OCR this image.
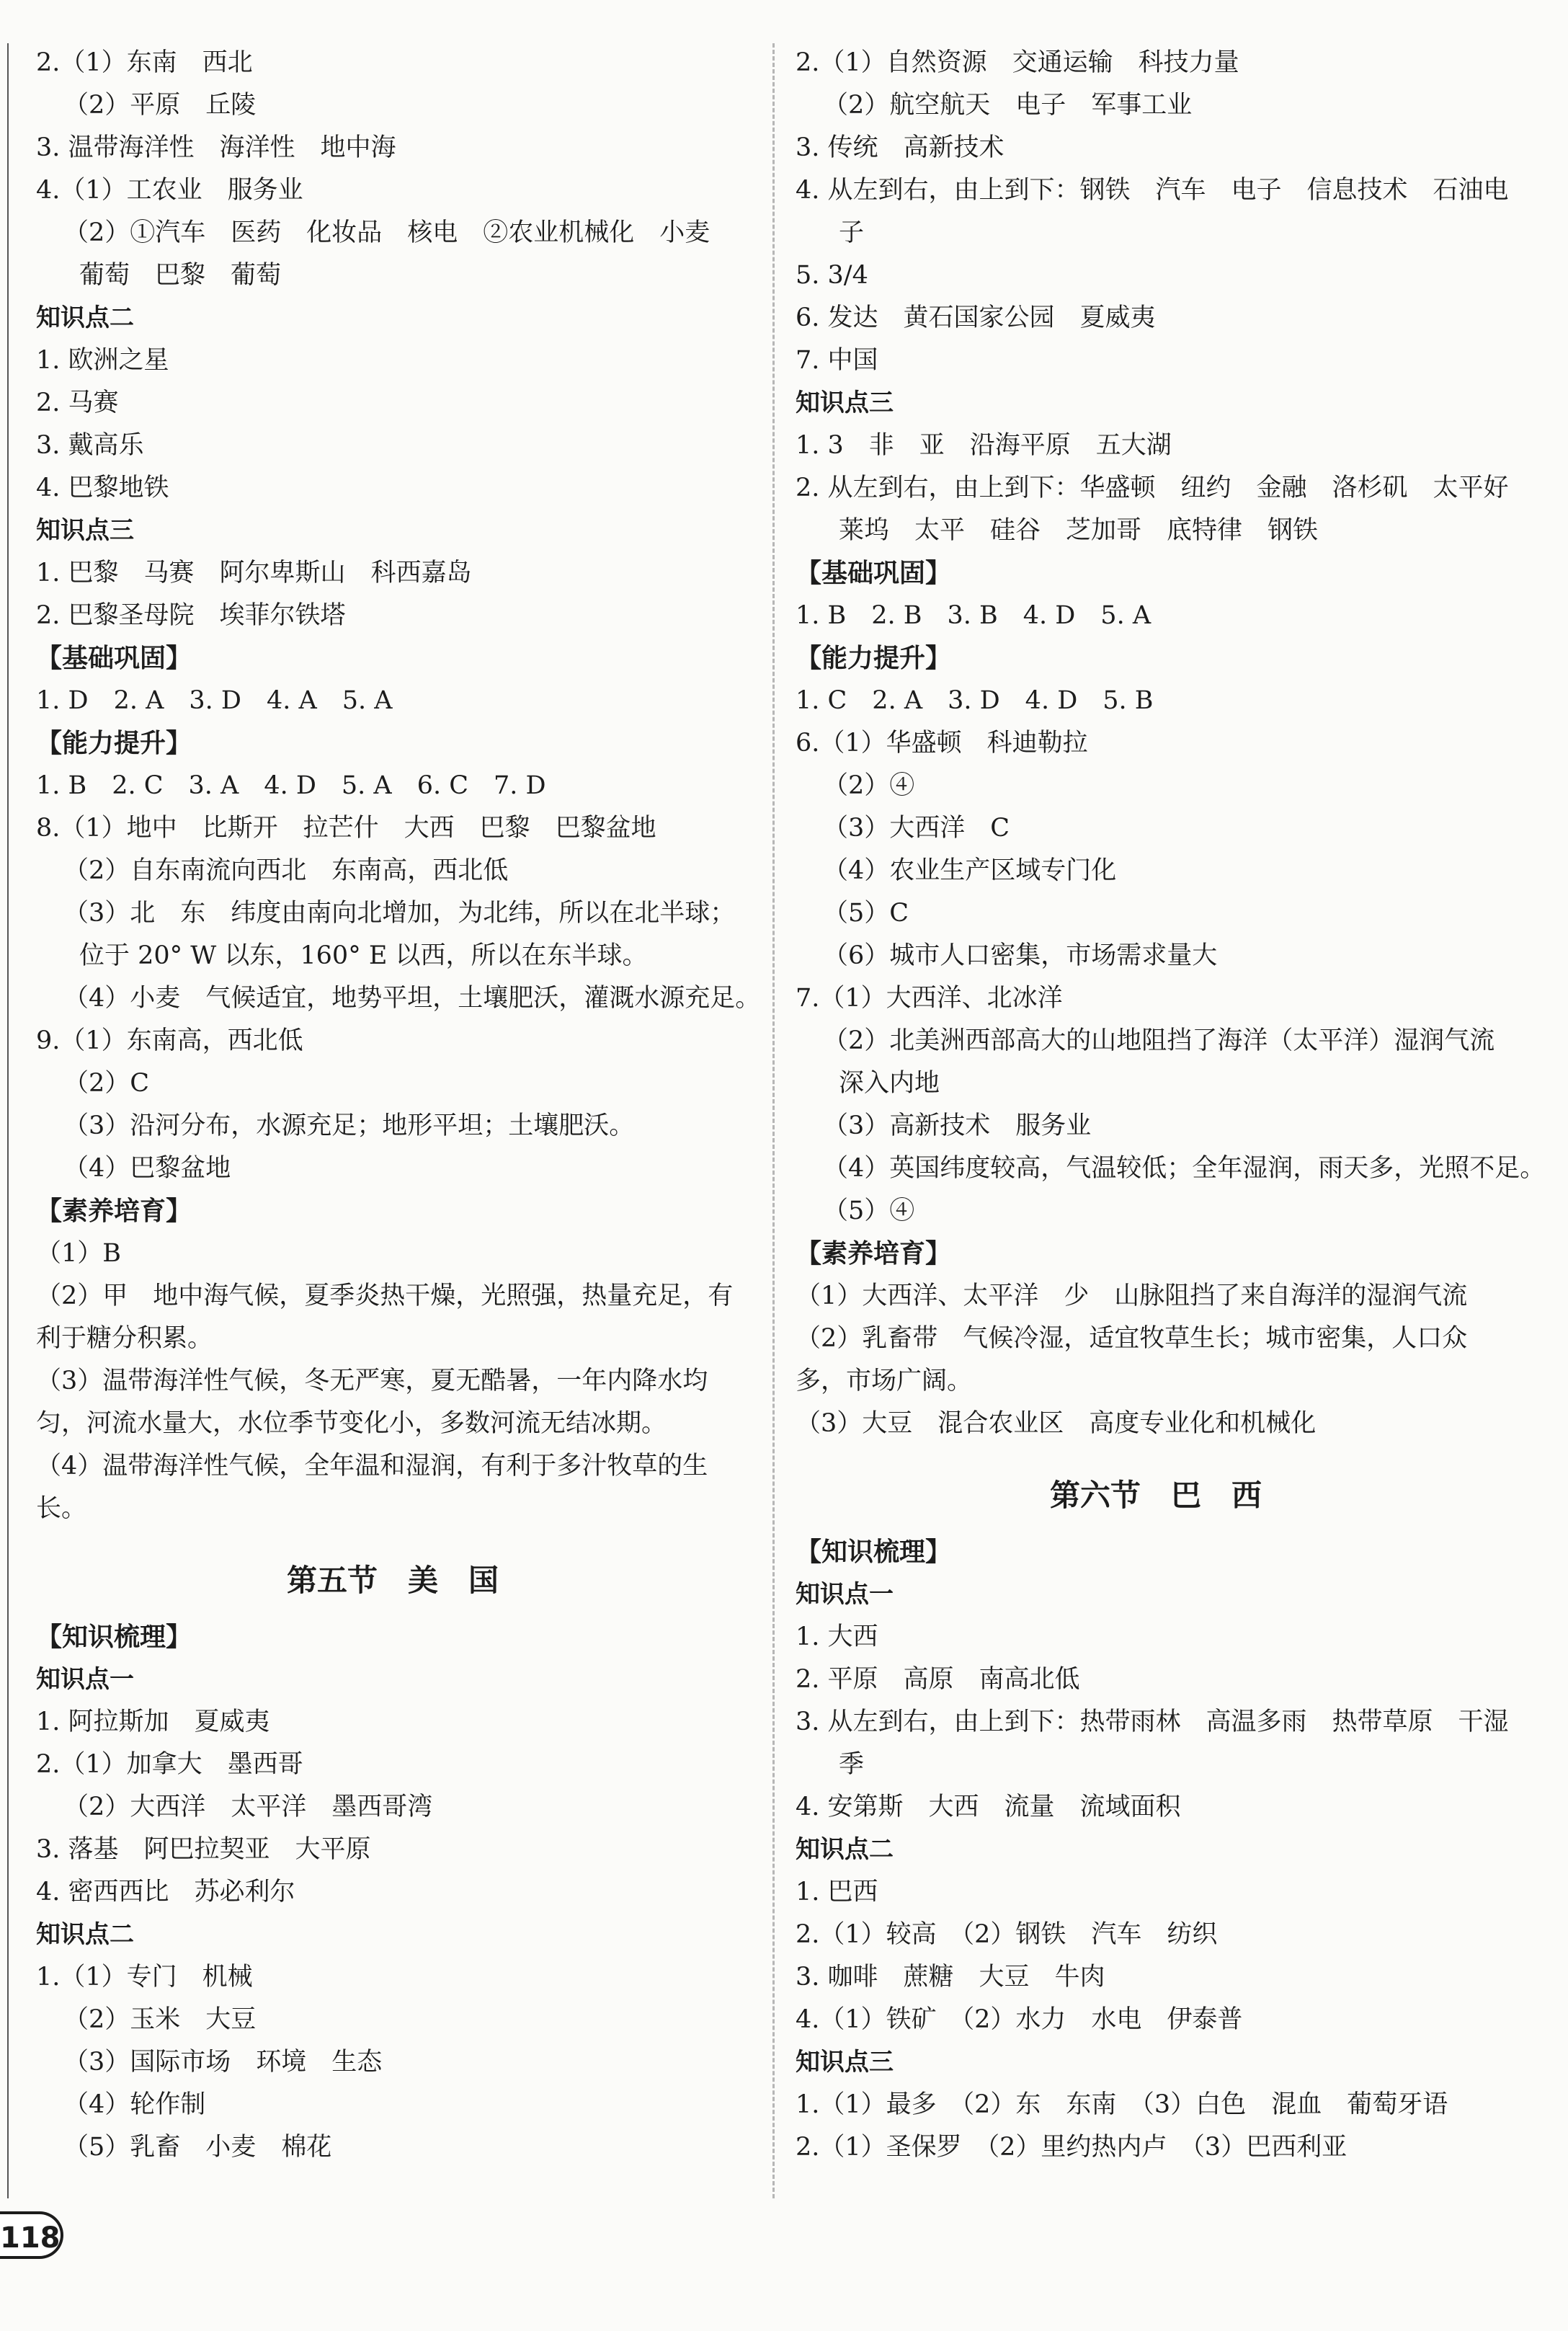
2.（1）东南　西北
（2）平原　丘陵
3. 温带海洋性　海洋性　地中海
4.（1）工农业　服务业
（2）①汽车　医药　化妆品　核电　②农业机械化　小麦
葡萄　巴黎　葡萄
知识点二
1. 欧洲之星
2. 马赛
3. 戴高乐
4. 巴黎地铁
知识点三
1. 巴黎　马赛　阿尔卑斯山　科西嘉岛
2. 巴黎圣母院　埃菲尔铁塔
【基础巩固】
1. D　2. A　3. D　4. A　5. A
【能力提升】
1. B　2. C　3. A　4. D　5. A　6. C　7. D
8.（1）地中　比斯开　拉芒什　大西　巴黎　巴黎盆地
（2）自东南流向西北　东南高，西北低
（3）北　东　纬度由南向北增加，为北纬，所以在北半球；位于 20° W 以东，160° E 以西，所以在东半球。
（4）小麦　气候适宜，地势平坦，土壤肥沃，灌溉水源充足。
9.（1）东南高，西北低
（2）C
（3）沿河分布，水源充足；地形平坦；土壤肥沃。
（4）巴黎盆地
【素养培育】
（1）B
（2）甲　地中海气候，夏季炎热干燥，光照强，热量充足，有利于糖分积累。
（3）温带海洋性气候，冬无严寒，夏无酷暑，一年内降水均匀，河流水量大，水位季节变化小，多数河流无结冰期。
（4）温带海洋性气候，全年温和湿润，有利于多汁牧草的生长。
第五节　美　国
【知识梳理】
知识点一
1. 阿拉斯加　夏威夷
2.（1）加拿大　墨西哥
（2）大西洋　太平洋　墨西哥湾
3. 落基　阿巴拉契亚　大平原
4. 密西西比　苏必利尔
知识点二
1.（1）专门　机械
（2）玉米　大豆
（3）国际市场　环境　生态
（4）轮作制
（5）乳畜　小麦　棉花
2.（1）自然资源　交通运输　科技力量
（2）航空航天　电子　军事工业
3. 传统　高新技术
4. 从左到右，由上到下：钢铁　汽车　电子　信息技术　石油电子
5. 3/4
6. 发达　黄石国家公园　夏威夷
7. 中国
知识点三
1. 3　非　亚　沿海平原　五大湖
2. 从左到右，由上到下：华盛顿　纽约　金融　洛杉矶　太平好莱坞　太平　硅谷　芝加哥　底特律　钢铁
【基础巩固】
1. B　2. B　3. B　4. D　5. A
【能力提升】
1. C　2. A　3. D　4. D　5. B
6.（1）华盛顿　科迪勒拉
（2）④
（3）大西洋　C
（4）农业生产区域专门化
（5）C
（6）城市人口密集，市场需求量大
7.（1）大西洋、北冰洋
（2）北美洲西部高大的山地阻挡了海洋（太平洋）湿润气流深入内地
（3）高新技术　服务业
（4）英国纬度较高，气温较低；全年湿润，雨天多，光照不足。
（5）④
【素养培育】
（1）大西洋、太平洋　少　山脉阻挡了来自海洋的湿润气流
（2）乳畜带　气候冷湿，适宜牧草生长；城市密集，人口众多，市场广阔。
（3）大豆　混合农业区　高度专业化和机械化
第六节　巴　西
【知识梳理】
知识点一
1. 大西
2. 平原　高原　南高北低
3. 从左到右，由上到下：热带雨林　高温多雨　热带草原　干湿季
4. 安第斯　大西　流量　流域面积
知识点二
1. 巴西
2.（1）较高　（2）钢铁　汽车　纺织
3. 咖啡　蔗糖　大豆　牛肉
4.（1）铁矿　（2）水力　水电　伊泰普
知识点三
1.（1）最多　（2）东　东南　（3）白色　混血　葡萄牙语
2.（1）圣保罗　（2）里约热内卢　（3）巴西利亚
118
